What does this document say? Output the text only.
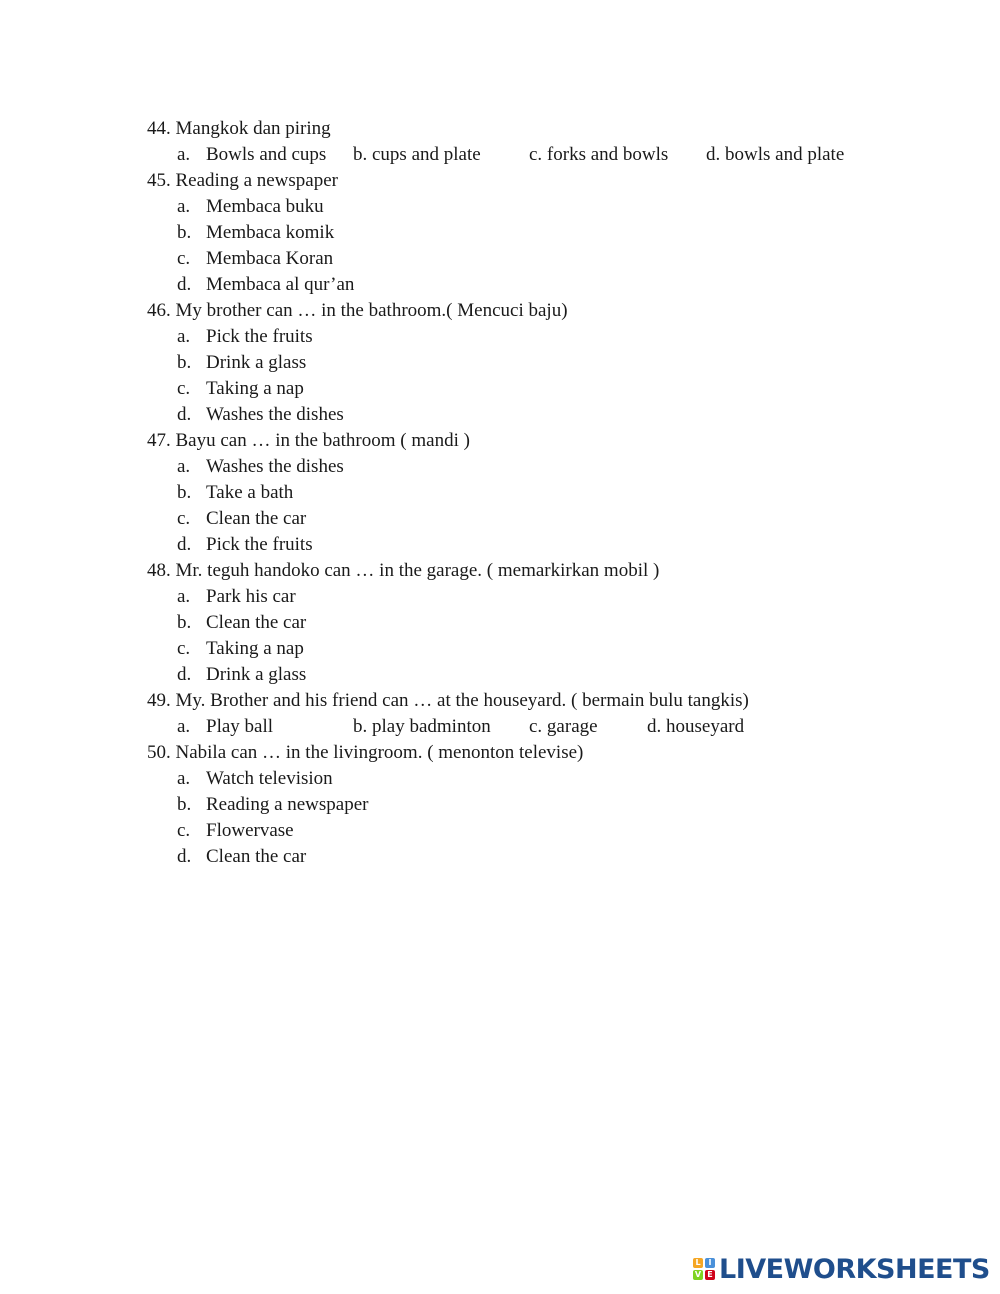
44. Mangkok dan piring
a. Bowls and cups b. cups and plate	c. forks and bowls d. bowls and plate
45. Reading a newspaper
a. Membaca buku
b. Membaca komik
c. Membaca Koran
d. Membaca al qur’an
46. My brother can … in the bathroom.( Mencuci baju)
a. Pick the fruits
b. Drink a glass
c. Taking a nap
d. Washes the dishes
47. Bayu can … in the bathroom ( mandi )
a. Washes the dishes
b. Take a bath
c. Clean the car
d. Pick the fruits
48. Mr. teguh handoko can … in the garage. ( memarkirkan mobil )
a. Park his car
b. Clean the car
c. Taking a nap
d. Drink a glass
49. My. Brother and his friend can … at the houseyard. ( bermain bulu tangkis)
a. Play ball	b. play badminton c. garage	d. houseyard
50. Nabila can … in the livingroom. ( menonton televise)
a. Watch television
b. Reading a newspaper
c. Flowervase
d. Clean the car
L I
V E LIVEWORKSHEETS
